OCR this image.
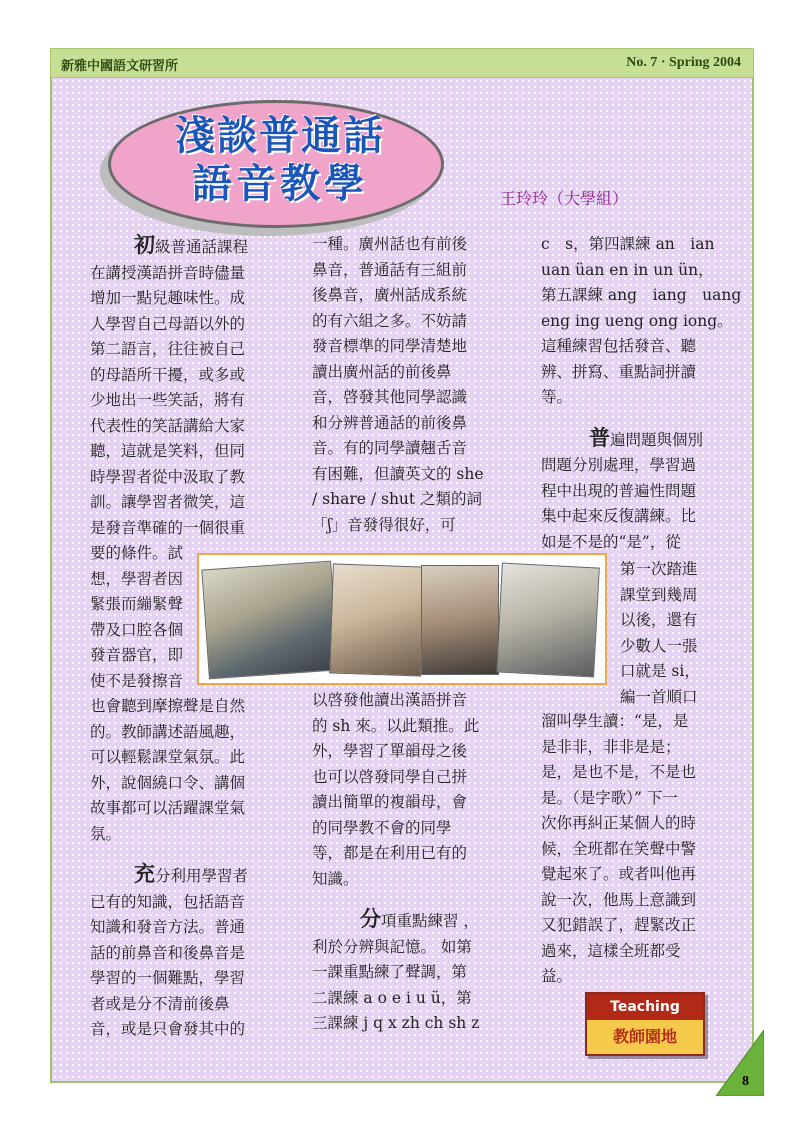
新雅中國語文研習所	No. 7 · Spring 2004
淺談普通話
語音教學	王玲玲（大學組）
初級普通話課程
在講授漢語拼音時儘量
增加一點兒趣味性。成
人學習自己母語以外的
第二語言，往往被自己
的母語所干擾，或多或
少地出一些笑話，將有
代表性的笑話講給大家
聽，這就是笑料，但同
時學習者從中汲取了教
訓。讓學習者微笑，這
是發音準確的一個很重
要的條件。試
想，學習者因
緊張而繃緊聲
帶及口腔各個
發音器官，即
使不是發擦音
也會聽到摩擦聲是自然
的。教師講述語風趣，
可以輕鬆課堂氣氛。此
外，說個繞口令、講個
故事都可以活躍課堂氣
氛。
充分利用學習者
已有的知識，包括語音
知識和發音方法。普通
話的前鼻音和後鼻音是
學習的一個難點，學習
者或是分不清前後鼻
音，或是只會發其中的
一種。廣州話也有前後
鼻音，普通話有三組前
後鼻音，廣州話成系統
的有六組之多。不妨請
發音標準的同學清楚地
讀出廣州話的前後鼻
音，啓發其他同學認識
和分辨普通話的前後鼻
音。有的同學讀翹舌音
有困難，但讀英文的 she
/ share / shut 之類的詞
「ʃ」音發得很好，可
以啓發他讀出漢語拼音
的 sh 來。以此類推。此
外，學習了單韻母之後
也可以啓發同學自己拼
讀出簡單的複韻母，會
的同學教不會的同學
等，都是在利用已有的
知識。
分項重點練習 ，
利於分辨與記憶。 如第
一課重點練了聲調，第
二課練 a o e i u ü，第
三課練 j q x zh ch sh z
c　s，第四課練 an　ian
uan üan en in un ün，
第五課練 ang　iang　uang
eng ing ueng ong iong。
這種練習包括發音、聽
辨、拼寫、重點詞拼讀
等。
普遍問題與個別
問題分別處理，學習過
程中出現的普遍性問題
集中起來反復講練。比
如是不是的“是”，從
第一次踏進
課堂到幾周
以後，還有
少數人一張
口就是 si，
編一首順口
溜叫學生讀：“是，是
是非非，非非是是；
是，是也不是，不是也
是。（是字歌）” 下一
次你再糾正某個人的時
候，全班都在笑聲中警
覺起來了。或者叫他再
說一次，他馬上意識到
又犯錯誤了，趕緊改正
過來，這樣全班都受
益。
Teaching
教師園地
8
